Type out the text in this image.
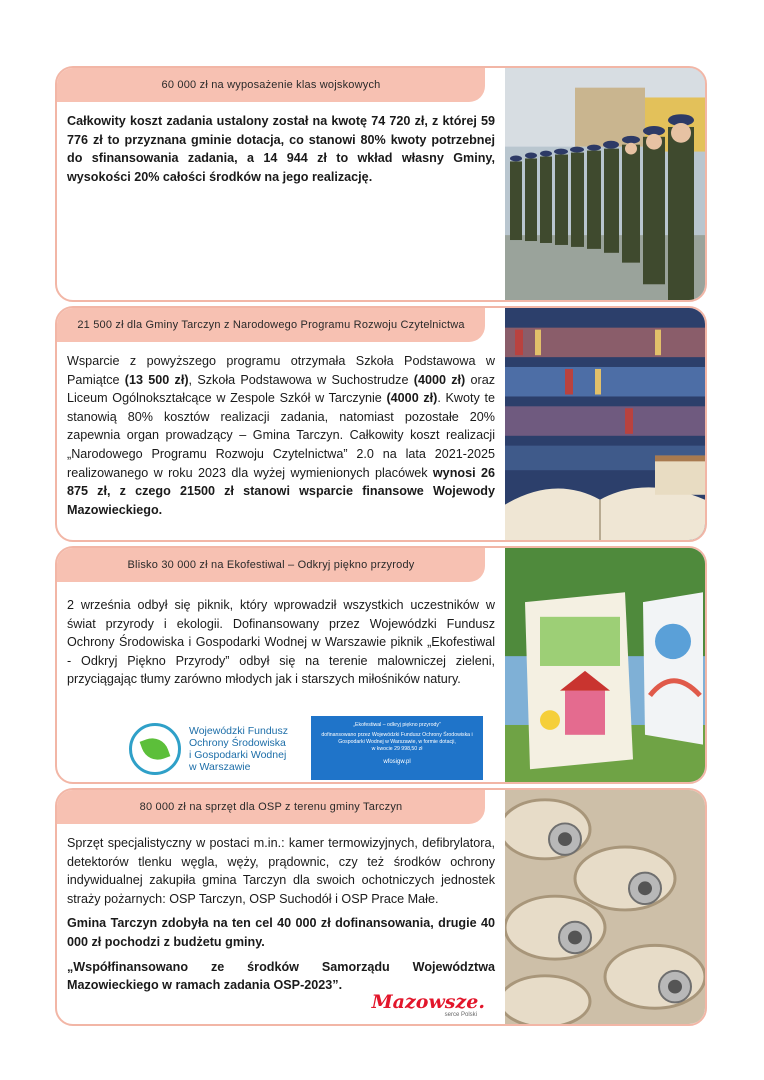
60 000 zł na wyposażenie klas wojskowych

Całkowity koszt zadania ustalony został na kwotę 74 720 zł, z której 59 776 zł to przyznana gminie dotacja, co stanowi 80% kwoty potrzebnej do sfinansowania zadania, a 14 944 zł to wkład własny Gminy, wysokości 20% całości środków na jego realizację.

21 500 zł dla Gminy Tarczyn z Narodowego Programu Rozwoju Czytelnictwa

Wsparcie z powyższego programu otrzymała Szkoła Podstawowa w Pamiątce (13 500 zł), Szkoła Podstawowa w Suchostrudze (4000 zł) oraz Liceum Ogólnokształcące w Zespole Szkół w Tarczynie (4000 zł). Kwoty te stanowią 80% kosztów realizacji zadania, natomiast pozostałe 20% zapewnia organ prowadzący – Gmina Tarczyn. Całkowity koszt realizacji „Narodowego Programu Rozwoju Czytelnictwa” 2.0 na lata 2021-2025 realizowanego w roku 2023 dla wyżej wymienionych placówek wynosi 26 875 zł, z czego 21500 zł stanowi wsparcie finansowe Wojewody Mazowieckiego.

Blisko 30 000 zł na Ekofestiwal – Odkryj piękno przyrody

2 września odbył się piknik, który wprowadził wszystkich uczestników w świat przyrody i ekologii. Dofinansowany przez Wojewódzki Fundusz Ochrony Środowiska i Gospodarki Wodnej w Warszawie piknik „Ekofestiwal - Odkryj Piękno Przyrody” odbył się na terenie malowniczej zieleni, przyciągając tłumy zarówno młodych jak i starszych miłośników natury.

Wojewódzki Fundusz
Ochrony Środowiska
i Gospodarki Wodnej
w Warszawie
„Ekofestiwal – odkryj piękno przyrody”
dofinansowano przez Wojewódzki Fundusz Ochrony Środowiska i Gospodarki Wodnej w Warszawie, w formie dotacji,
w kwocie 29 998,50 zł
wfosigw.pl
80 000 zł na sprzęt dla OSP z terenu gminy Tarczyn

Sprzęt specjalistyczny w postaci m.in.: kamer termowizyjnych, defibrylatora, detektorów tlenku węgla, węży, prądownic, czy też środków ochrony indywidualnej zakupiła gmina Tarczyn dla swoich ochotniczych jednostek straży pożarnych: OSP Tarczyn, OSP Suchodół i OSP Prace Małe.

Gmina Tarczyn zdobyła na ten cel 40 000 zł dofinansowania, drugie 40 000 zł pochodzi z budżetu gminy.

„Współfinansowano ze środków Samorządu Województwa Mazowieckiego w ramach zadania OSP-2023”.

Mazowsze.
serce Polski
